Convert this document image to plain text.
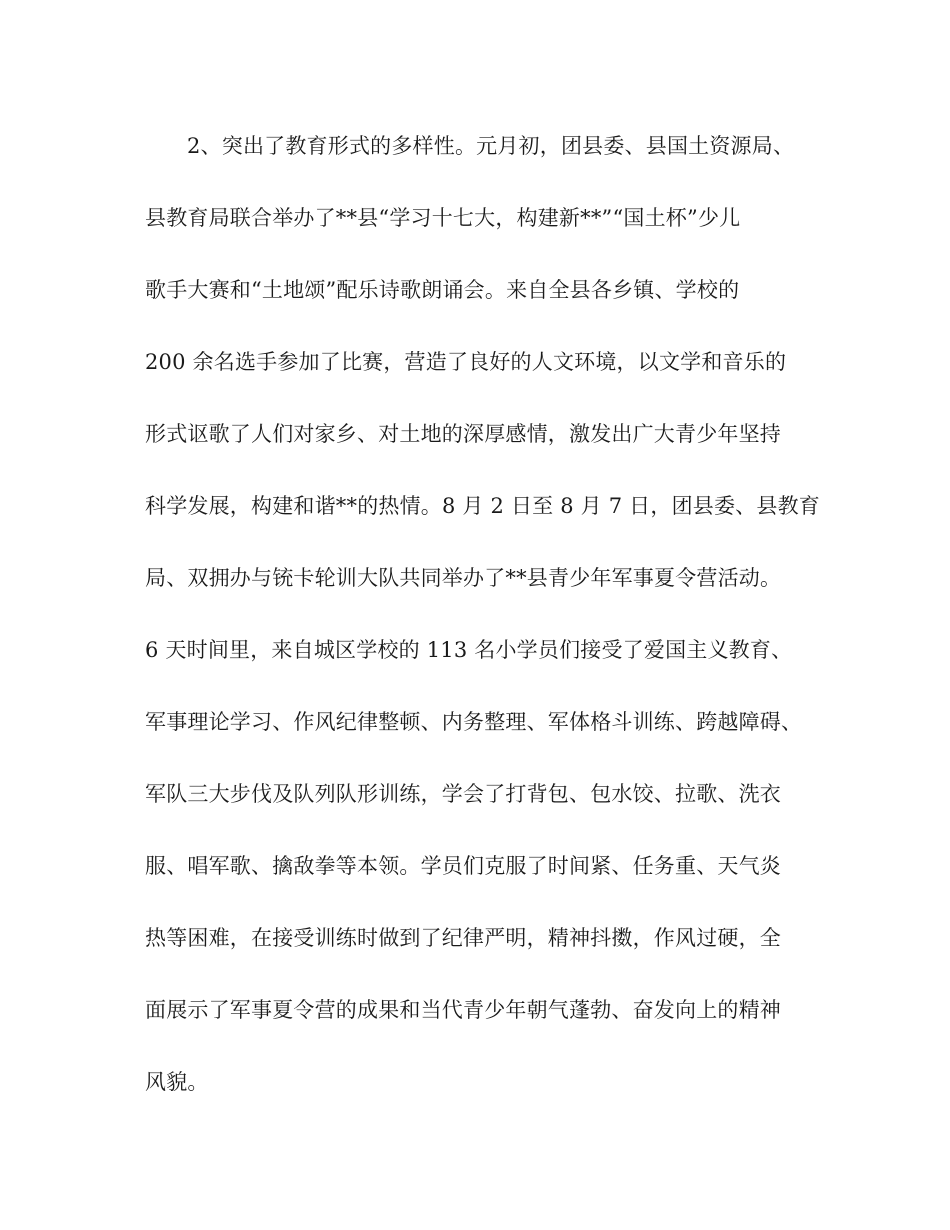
2、突出了教育形式的多样性。元月初，团县委、县国土资源局、
县教育局联合举办了**县“学习十七大，构建新**”“国土杯”少儿
歌手大赛和“土地颂”配乐诗歌朗诵会。来自全县各乡镇、学校的
200 余名选手参加了比赛，营造了良好的人文环境，以文学和音乐的
形式讴歌了人们对家乡、对土地的深厚感情，激发出广大青少年坚持
科学发展，构建和谐**的热情。8 月 2 日至 8 月 7 日，团县委、县教育
局、双拥办与铳卡轮训大队共同举办了**县青少年军事夏令营活动。
6 天时间里，来自城区学校的 113 名小学员们接受了爱国主义教育、
军事理论学习、作风纪律整顿、内务整理、军体格斗训练、跨越障碍、
军队三大步伐及队列队形训练，学会了打背包、包水饺、拉歌、洗衣
服、唱军歌、擒敌拳等本领。学员们克服了时间紧、任务重、天气炎
热等困难，在接受训练时做到了纪律严明，精神抖擞，作风过硬，全
面展示了军事夏令营的成果和当代青少年朝气蓬勃、奋发向上的精神
风貌。
